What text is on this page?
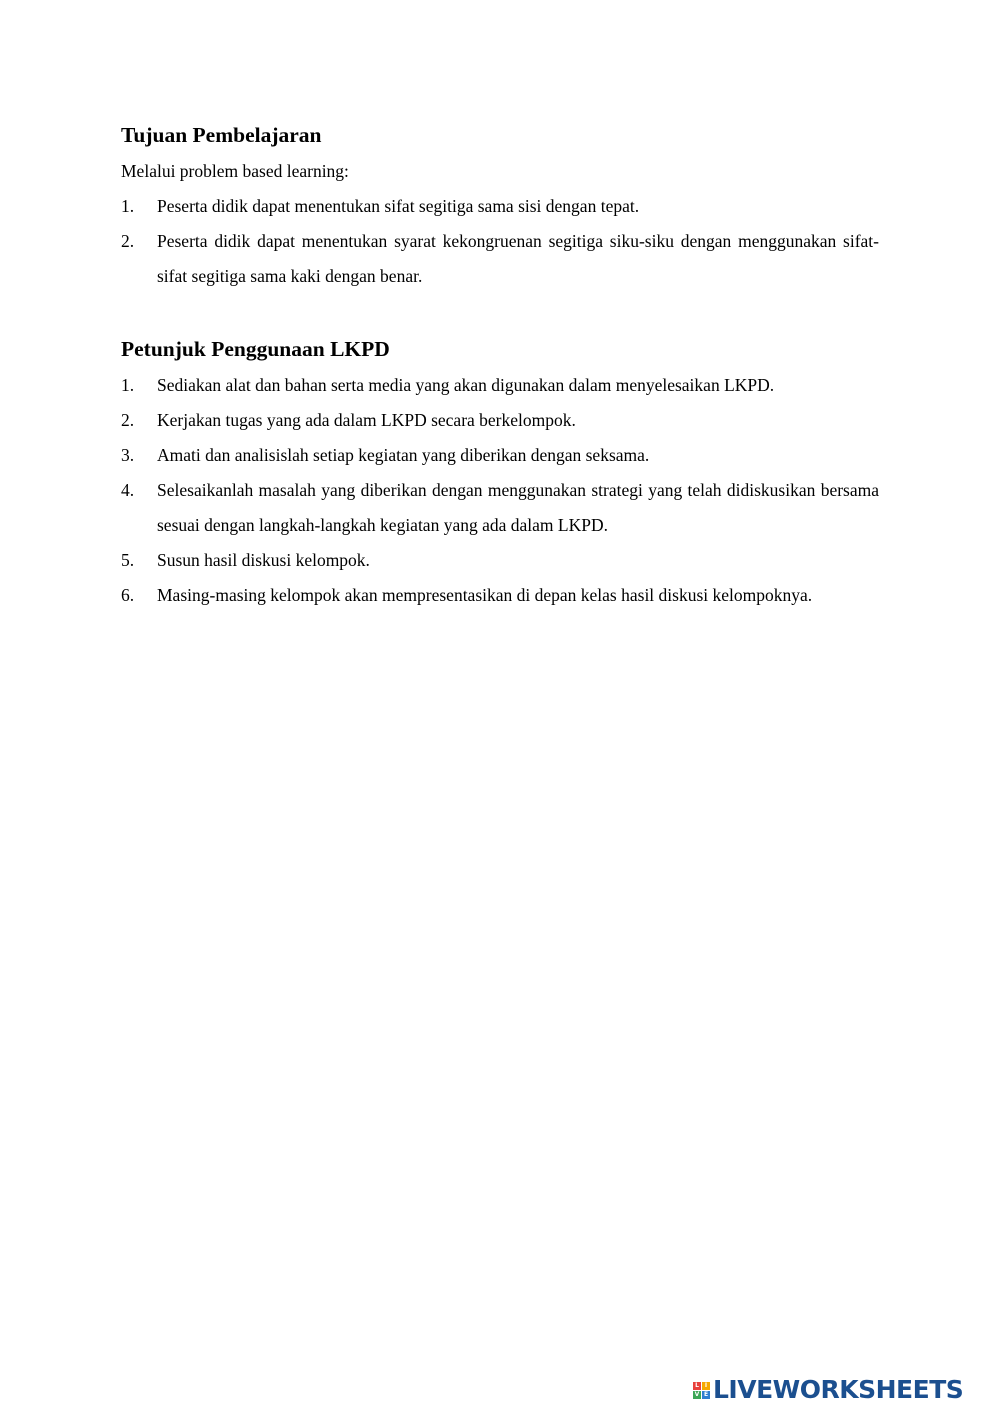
Tujuan Pembelajaran

Melalui problem based learning:

1. Peserta didik dapat menentukan sifat segitiga sama sisi dengan tepat.
2. Peserta didik dapat menentukan syarat kekongruenan segitiga siku-siku dengan menggunakan sifat-sifat segitiga sama kaki dengan benar.
Petunjuk Penggunaan LKPD
1. Sediakan alat dan bahan serta media yang akan digunakan dalam menyelesaikan LKPD.
2. Kerjakan tugas yang ada dalam LKPD secara berkelompok.
3. Amati dan analisislah setiap kegiatan yang diberikan dengan seksama.
4. Selesaikanlah masalah yang diberikan dengan menggunakan strategi yang telah didiskusikan bersama sesuai dengan langkah-langkah kegiatan yang ada dalam LKPD.
5. Susun hasil diskusi kelompok.
6. Masing-masing kelompok akan mempresentasikan di depan kelas hasil diskusi kelompoknya.
L I
V E LIVEWORKSHEETS
